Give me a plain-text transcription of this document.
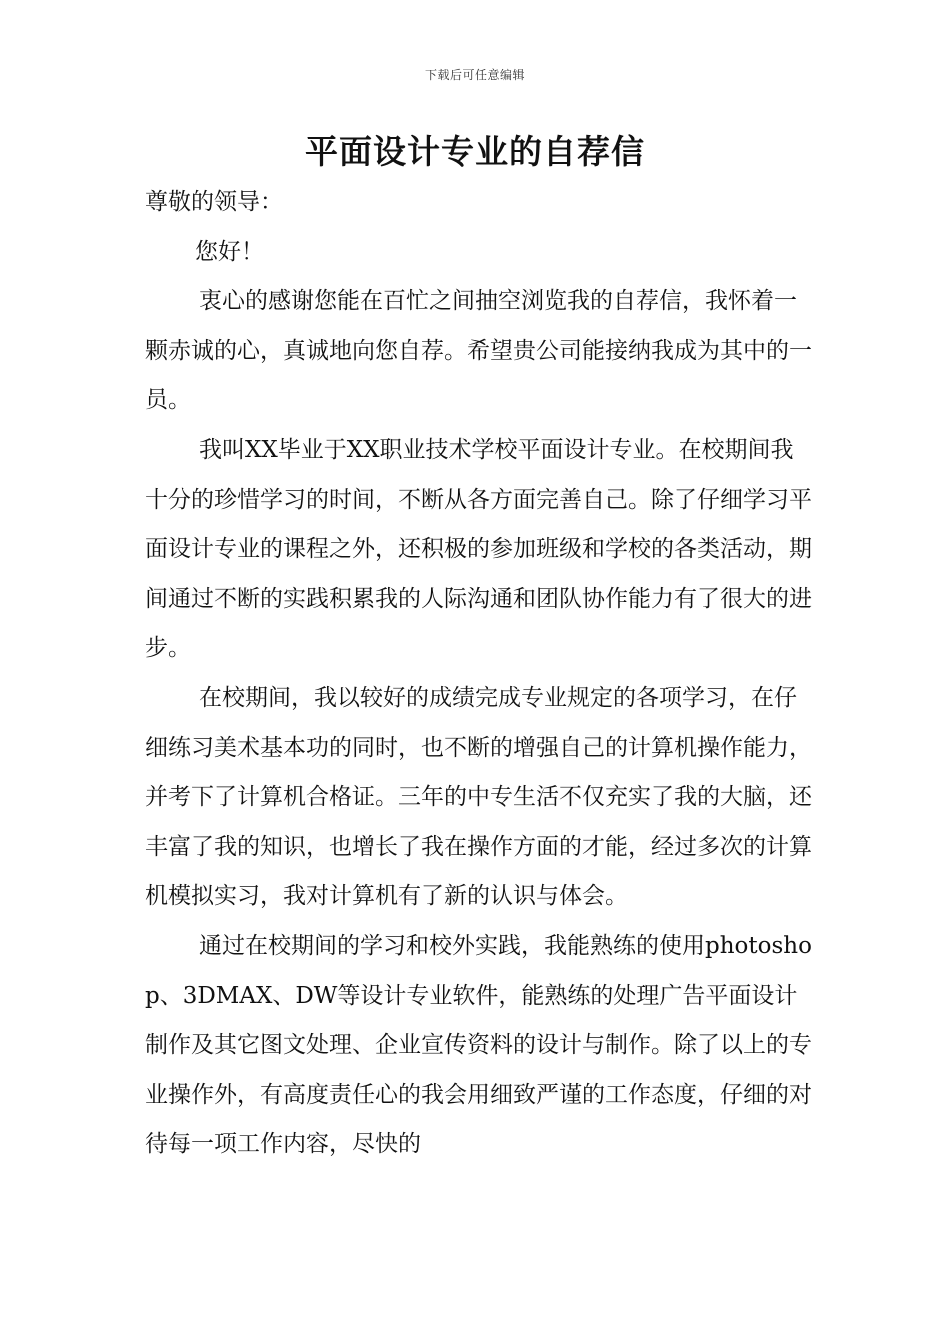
下载后可任意编辑
平面设计专业的自荐信

尊敬的领导：

您好！

衷心的感谢您能在百忙之间抽空浏览我的自荐信，我怀着一颗赤诚的心，真诚地向您自荐。希望贵公司能接纳我成为其中的一员。

我叫XX毕业于XX职业技术学校平面设计专业。在校期间我十分的珍惜学习的时间，不断从各方面完善自己。除了仔细学习平面设计专业的课程之外，还积极的参加班级和学校的各类活动，期间通过不断的实践积累我的人际沟通和团队协作能力有了很大的进步。

在校期间，我以较好的成绩完成专业规定的各项学习，在仔细练习美术基本功的同时，也不断的增强自己的计算机操作能力，并考下了计算机合格证。三年的中专生活不仅充实了我的大脑，还丰富了我的知识，也增长了我在操作方面的才能，经过多次的计算机模拟实习，我对计算机有了新的认识与体会。

通过在校期间的学习和校外实践，我能熟练的使用photoshop、3DMAX、DW等设计专业软件，能熟练的处理广告平面设计制作及其它图文处理、企业宣传资料的设计与制作。除了以上的专业操作外，有高度责任心的我会用细致严谨的工作态度，仔细的对待每一项工作内容，尽快的
